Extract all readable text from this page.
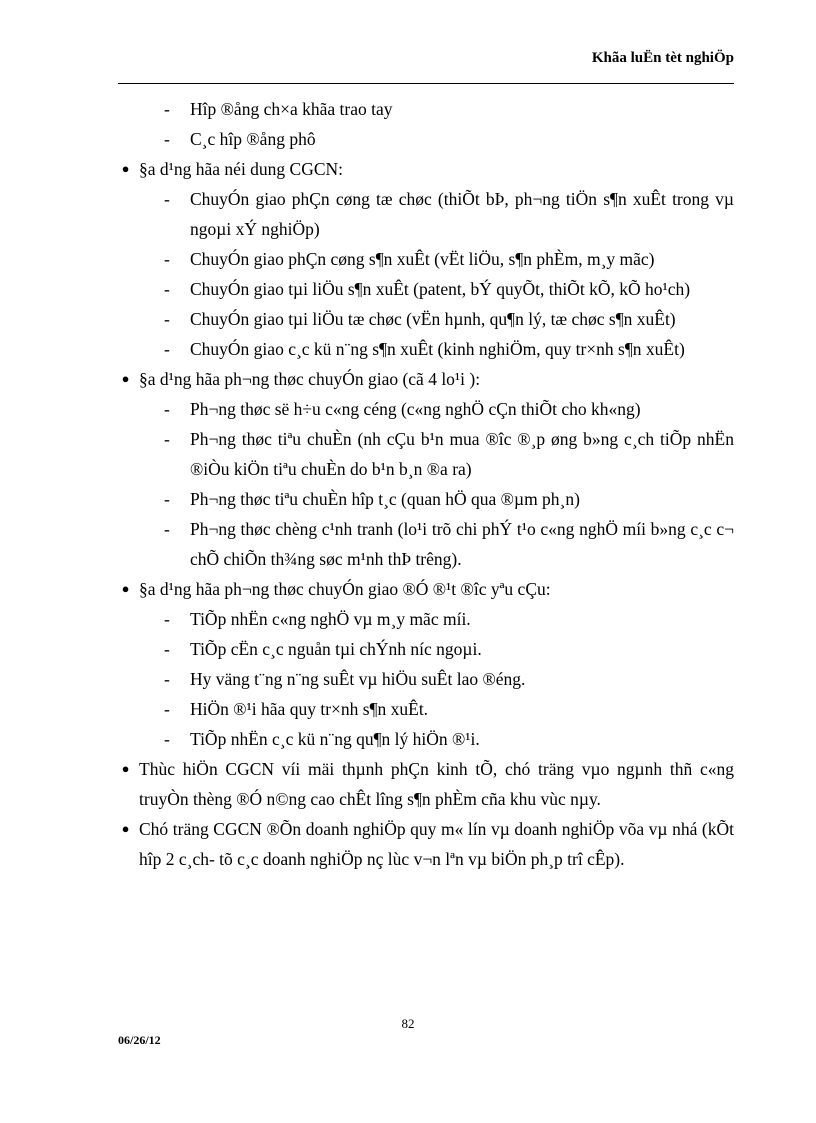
Khãa luËn tèt nghiÖp
-	Hîp ®ång ch×a khãa trao tay
-	C¸c hîp ®ång phô
● §a d¹ng hãa néi dung CGCN:
-	ChuyÓn giao phÇn cøng tæ chøc (thiÕt bÞ, ph¬ng tiÖn s¶n xuÊt trong vµ ngoµi xÝ nghiÖp)
-	ChuyÓn giao phÇn cøng s¶n xuÊt (vËt liÖu, s¶n phÈm, m¸y mãc)
-	ChuyÓn giao tµi liÖu s¶n xuÊt (patent, bÝ quyÕt, thiÕt kÕ, kÕ ho¹ch)
-	ChuyÓn giao tµi liÖu tæ chøc (vËn hµnh, qu¶n lý, tæ chøc s¶n xuÊt)
-	ChuyÓn giao c¸c kü n¨ng s¶n xuÊt (kinh nghiÖm, quy tr×nh s¶n xuÊt)
● §a d¹ng hãa ph¬ng thøc chuyÓn giao (cã 4 lo¹i ):
-	Ph¬ng thøc së h÷u c«ng céng (c«ng nghÖ cÇn thiÕt cho kh«ng)
-	Ph¬ng thøc tiªu chuÈn (nh cÇu b¹n mua ®îc ®¸p øng b»ng c¸ch tiÕp nhËn ®iÒu kiÖn tiªu chuÈn do b¹n b¸n ®a ra)
-	Ph¬ng thøc tiªu chuÈn hîp t¸c (quan hÖ qua ®µm ph¸n)
-	Ph¬ng thøc chèng c¹nh tranh (lo¹i trõ chi phÝ t¹o c«ng nghÖ míi b»ng c¸c c¬ chÕ chiÕn th¾ng søc m¹nh thÞ trêng).
● §a d¹ng hãa ph¬ng thøc chuyÓn giao ®Ó ®¹t ®îc yªu cÇu:
-	TiÕp nhËn c«ng nghÖ vµ m¸y mãc míi.
-	TiÕp cËn c¸c nguån tµi chÝnh níc ngoµi.
-	Hy väng t¨ng n¨ng suÊt vµ hiÖu suÊt lao ®éng.
-	HiÖn ®¹i hãa quy tr×nh s¶n xuÊt.
-	TiÕp nhËn c¸c kü n¨ng qu¶n lý hiÖn ®¹i.
● Thùc hiÖn CGCN víi mäi thµnh phÇn kinh tÕ, chó träng vµo ngµnh thñ c«ng truyÒn thèng ®Ó n©ng cao chÊt lîng s¶n phÈm cña khu vùc nµy.
● Chó träng CGCN ®Õn doanh nghiÖp quy m« lín vµ doanh nghiÖp võa vµ nhá (kÕt hîp 2 c¸ch- tõ c¸c doanh nghiÖp nç lùc v¬n lªn vµ biÖn ph¸p trî cÊp).
82
06/26/12
